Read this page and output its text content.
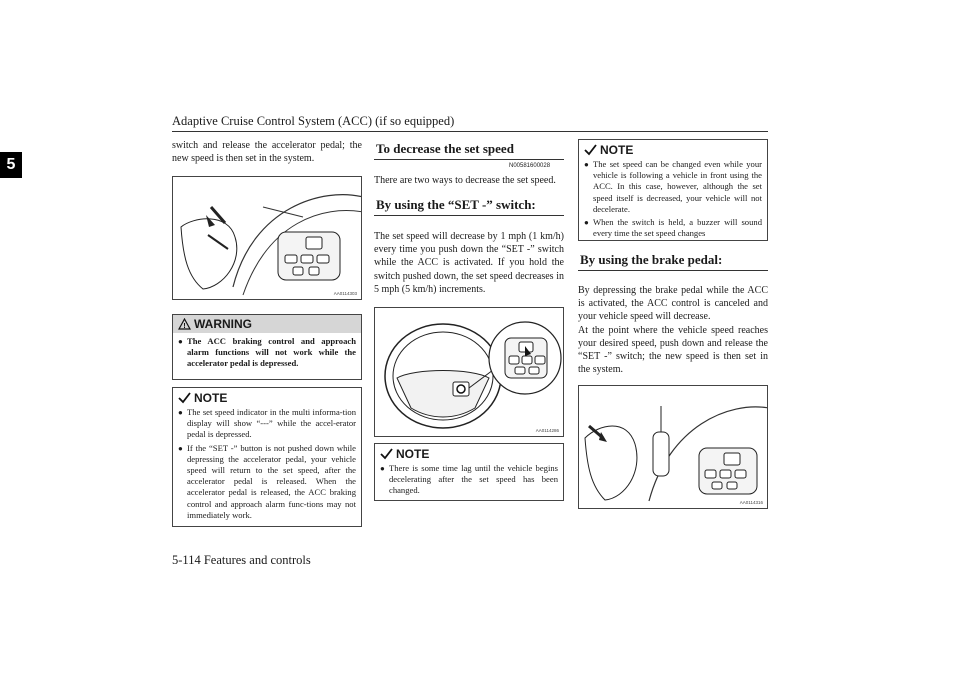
Adaptive Cruise Control System (ACC) (if so equipped)
5
switch and release the accelerator pedal; the new speed is then set in the system.
AA0114303
! WARNING
● The ACC braking control and approach alarm functions will not work while the accelerator pedal is depressed.
NOTE
● The set speed indicator in the multi informa-tion display will show “---” while the accel-erator pedal is depressed.
● If the “SET -” button is not pushed down while depressing the accelerator pedal, your vehicle speed will return to the set speed, after the accelerator pedal is released. When the accelerator pedal is released, the ACC braking control and approach alarm func-tions may not immediately work.
To decrease the set speed
N00581600028
There are two ways to decrease the set speed.
By using the “SET -” switch:
The set speed will decrease by 1 mph (1 km/h) every time you push down the “SET -” switch while the ACC is activated. If you hold the switch pushed down, the set speed decreases in 5 mph (5 km/h) increments.
AA0114286
NOTE
● There is some time lag until the vehicle begins decelerating after the set speed has been changed.
NOTE
● The set speed can be changed even while your vehicle is following a vehicle in front using the ACC. In this case, however, although the set speed itself is decreased, your vehicle will not decelerate.
● When the switch is held, a buzzer will sound every time the set speed changes
By using the brake pedal:
By depressing the brake pedal while the ACC is activated, the ACC control is canceled and your vehicle speed will decrease.
At the point where the vehicle speed reaches your desired speed, push down and release the “SET -” switch; the new speed is then set in the system.
AA0114316
5-114 Features and controls
